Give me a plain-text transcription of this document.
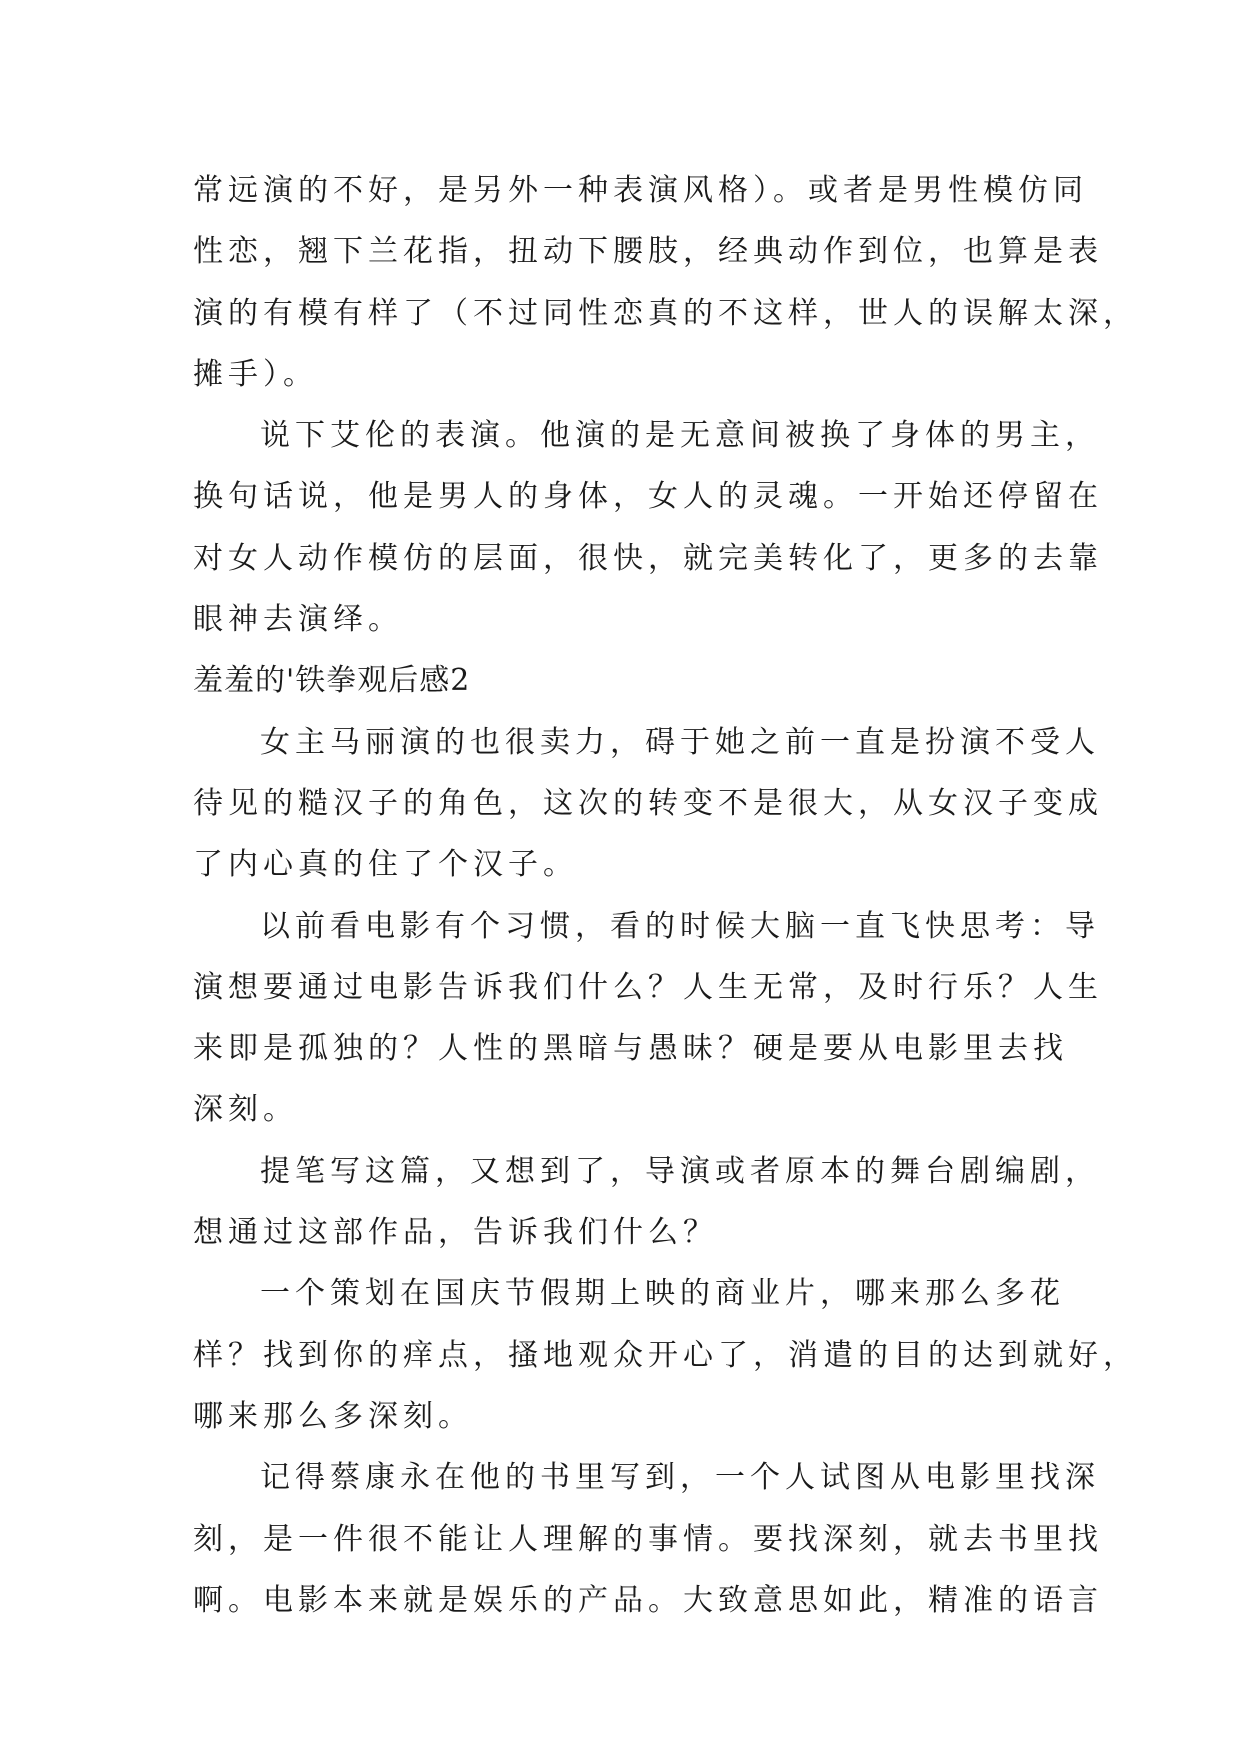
常远演的不好，是另外一种表演风格）。或者是男性模仿同
性恋，翘下兰花指，扭动下腰肢，经典动作到位，也算是表
演的有模有样了（不过同性恋真的不这样，世人的误解太深，
摊手）。
说下艾伦的表演。他演的是无意间被换了身体的男主，
换句话说，他是男人的身体，女人的灵魂。一开始还停留在
对女人动作模仿的层面，很快，就完美转化了，更多的去靠
眼神去演绎。
羞羞的'铁拳观后感2
女主马丽演的也很卖力，碍于她之前一直是扮演不受人
待见的糙汉子的角色，这次的转变不是很大，从女汉子变成
了内心真的住了个汉子。
以前看电影有个习惯，看的时候大脑一直飞快思考：导
演想要通过电影告诉我们什么？人生无常，及时行乐？人生
来即是孤独的？人性的黑暗与愚昧？硬是要从电影里去找
深刻。
提笔写这篇，又想到了，导演或者原本的舞台剧编剧，
想通过这部作品，告诉我们什么？
一个策划在国庆节假期上映的商业片，哪来那么多花
样？找到你的痒点，搔地观众开心了，消遣的目的达到就好，
哪来那么多深刻。
记得蔡康永在他的书里写到，一个人试图从电影里找深
刻，是一件很不能让人理解的事情。要找深刻，就去书里找
啊。电影本来就是娱乐的产品。大致意思如此，精准的语言
